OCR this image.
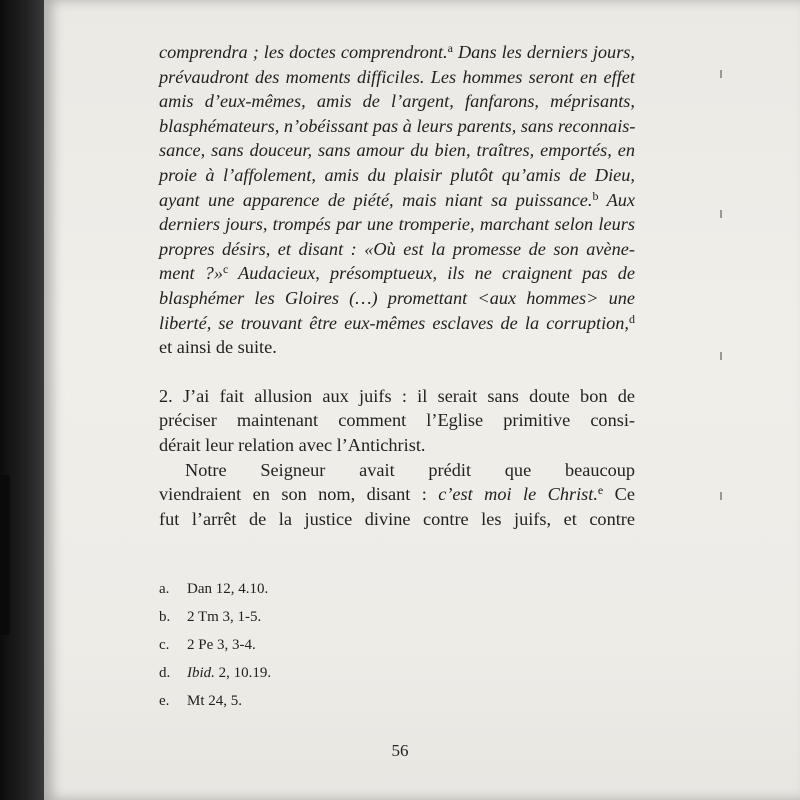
comprendra ; les doctes comprendront.$^a$ Dans les derniers jours,
prévaudront des moments difficiles. Les hommes seront en effet
amis d’eux-mêmes, amis de l’argent, fanfarons, méprisants,
blasphémateurs, n’obéissant pas à leurs parents, sans reconnais-
sance, sans douceur, sans amour du bien, traîtres, emportés, en
proie à l’affolement, amis du plaisir plutôt qu’amis de Dieu,
ayant une apparence de piété, mais niant sa puissance.$^b$ Aux
derniers jours, trompés par une tromperie, marchant selon leurs
propres désirs, et disant : «Où est la promesse de son avène-
ment ?»$^c$ Audacieux, présomptueux, ils ne craignent pas de
blasphémer les Gloires (…) promettant <aux hommes> une
liberté, se trouvant être eux-mêmes esclaves de la corruption,$^d$
et ainsi de suite.
2. J’ai fait allusion aux juifs : il serait sans doute bon de
préciser maintenant comment l’Eglise primitive consi-
dérait leur relation avec l’Antichrist.
Notre Seigneur avait prédit que beaucoup
viendraient en son nom, disant : c’est moi le Christ.$^e$ Ce
fut l’arrêt de la justice divine contre les juifs, et contre
a.	Dan 12, 4.10.
b.	2 Tm 3, 1-5.
c.	2 Pe 3, 3-4.
d.	Ibid. 2, 10.19.
e.	Mt 24, 5.
56
